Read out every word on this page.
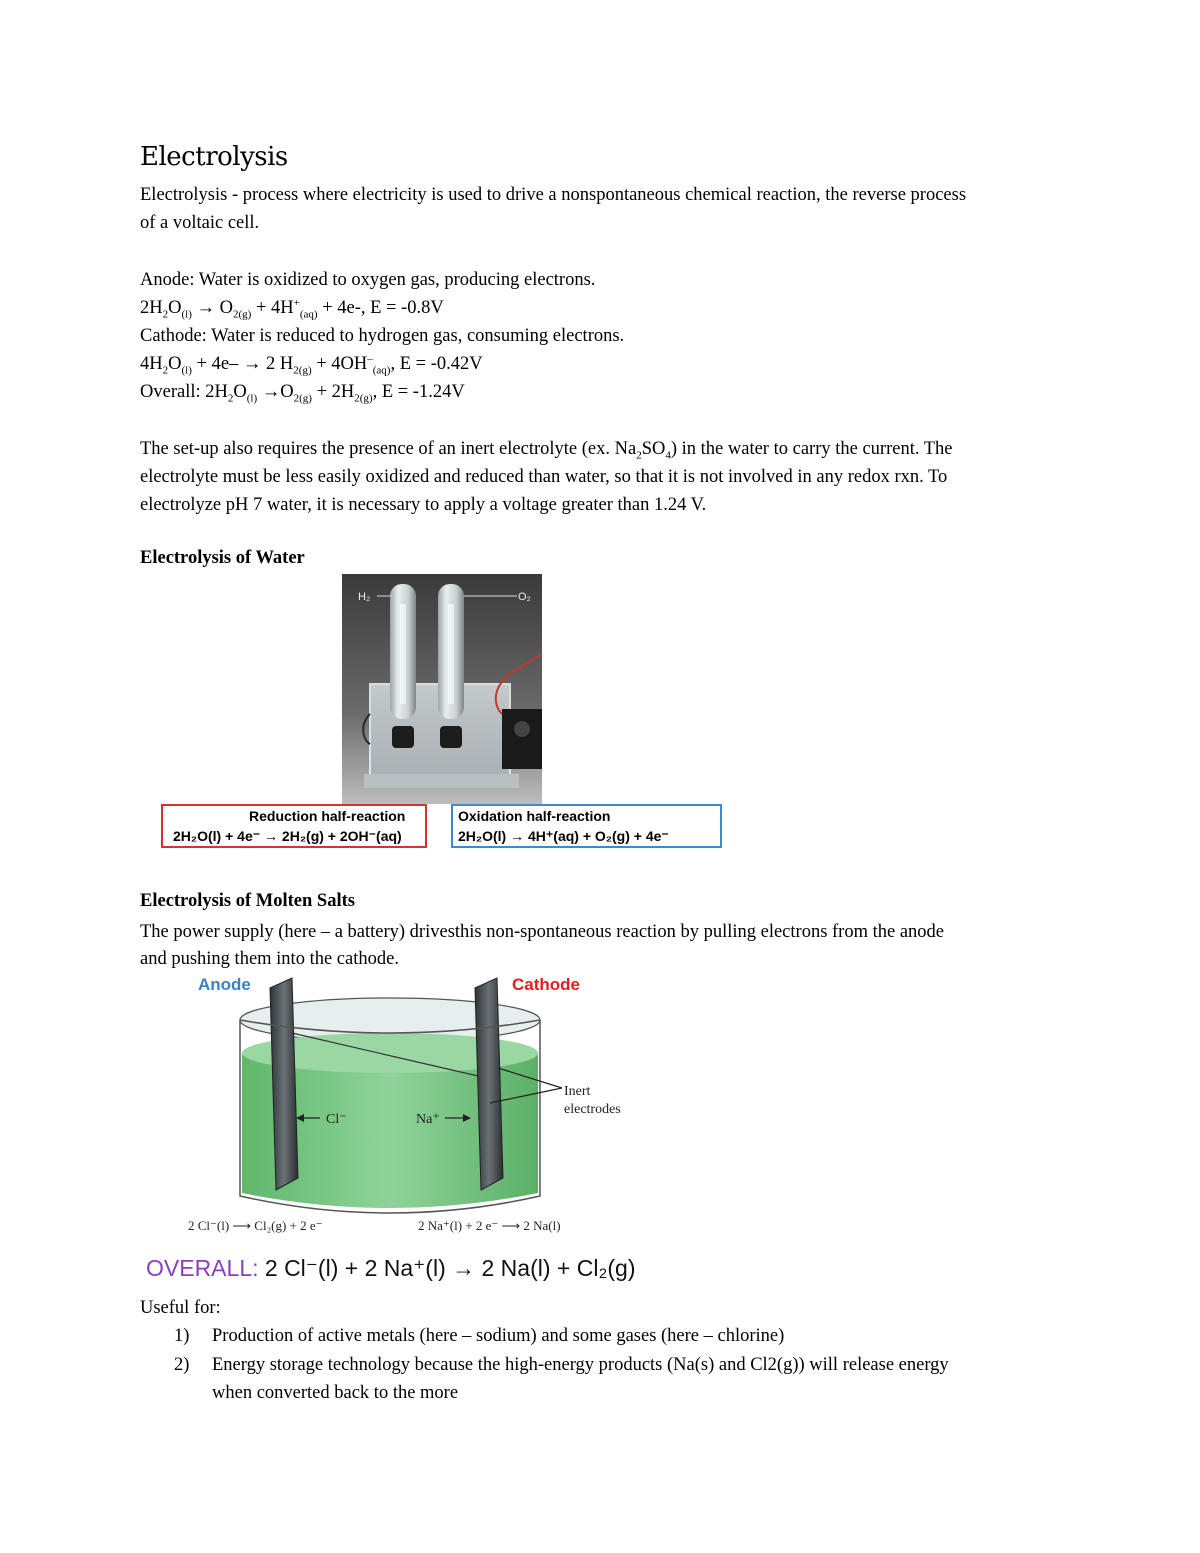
Electrolysis
Electrolysis - process where electricity is used to drive a nonspontaneous chemical reaction, the reverse process
of a voltaic cell.
Anode: Water is oxidized to oxygen gas, producing electrons.
$2H_2O_{(l)} \to O_{2(g)} + 4H^+_{(aq)} + 4e-$, E = -0.8V
Cathode: Water is reduced to hydrogen gas, consuming electrons.
$4H_2O_{(l)} + 4e- \to 2$ $H_{2(g)} + 4OH^-_{(aq)}$, E = -0.42V
Overall: $2H_2O_{(l)} \to O_{2(g)} + 2H_{2(g)}$, E = -1.24V
The set-up also requires the presence of an inert electrolyte (ex. $Na_2SO_4$) in the water to carry the current. The
electrolyte must be less easily oxidized and reduced than water, so that it is not involved in any redox rxn. To
electrolyze pH 7 water, it is necessary to apply a voltage greater than 1.24 V.
Electrolysis of Water
H₂	O₂
Reduction half-reaction
2H₂O(l) + 4e⁻ → 2H₂(g) + 2OH⁻(aq)
Oxidation half-reaction
2H₂O(l) → 4H⁺(aq) + O₂(g) + 4e⁻
Electrolysis of Molten Salts
The power supply (here – a battery) drivesthis non-spontaneous reaction by pulling electrons from the anode
and pushing them into the cathode.
Anode	Cathode
Inert
electrodes
Cl⁻	Na⁺
2 Cl⁻(l) ⟶ Cl₂(g) + 2 e⁻	2 Na⁺(l) + 2 e⁻ ⟶ 2 Na(l)
OVERALL: 2 Cl⁻(l) + 2 Na⁺(l) → 2 Na(l) + Cl₂(g)
Useful for:
1) Production of active metals (here – sodium) and some gases (here – chlorine)
2) Energy storage technology because the high-energy products (Na(s) and Cl2(g)) will release energy
when converted back to the more
